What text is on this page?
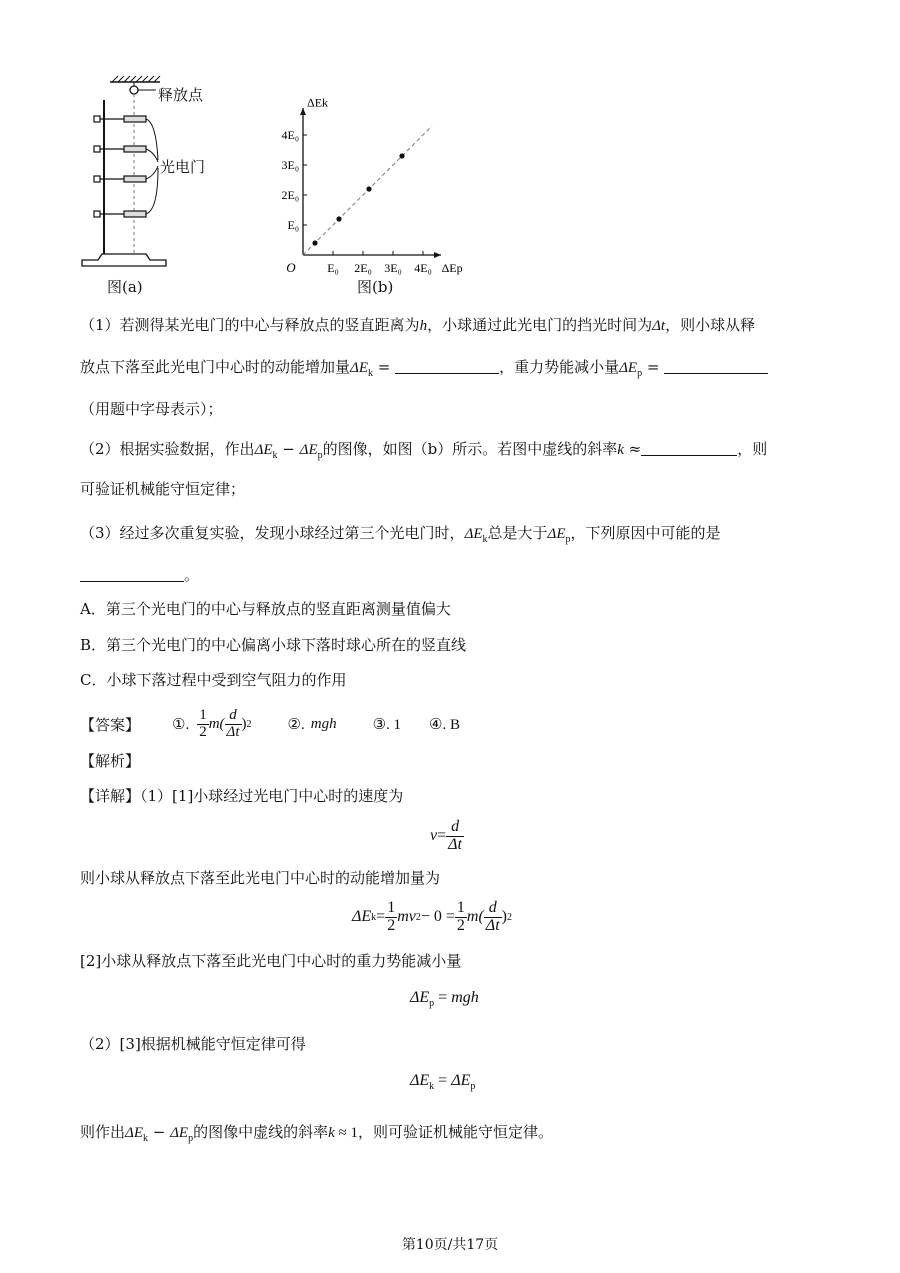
释放点
光电门
图(a)
E₀ 2E₀ 3E₀ 4E₀
E₀
2E₀
3E₀
4E₀
O	ΔEp
ΔEk
图(b)
（1）若测得某光电门的中心与释放点的竖直距离为h，小球通过此光电门的挡光时间为Δt，则小球从释
放点下落至此光电门中心时的动能增加量$\Delta E_k$ =	，重力势能减小量$\Delta E_p$ =
（用题中字母表示）；
（2）根据实验数据，作出$\Delta E_k - \Delta E_p$的图像，如图（b）所示。若图中虚线的斜率k ≈	，则
可验证机械能守恒定律；
（3）经过多次重复实验，发现小球经过第三个光电门时，$\Delta E_k$总是大于$\Delta E_p$，下列原因中可能的是
。
A．第三个光电门的中心与释放点的竖直距离测量值偏大
B．第三个光电门的中心偏离小球下落时球心所在的竖直线
C．小球下落过程中受到空气阻力的作用
【答案】 ①. $\frac{1}{2} m( \frac{d}{\Delta t}$ ) 2 ②. mgh ③. 1 ④. B
【解析】
【详解】（1）[1]小球经过光电门中心时的速度为
$v = \frac{d}{\Delta t}$
则小球从释放点下落至此光电门中心时的动能增加量为
ΔE $k = \frac{1}{2}$ mv $2 - 0 = \frac{1}{2} m( \frac{d}{\Delta t}$ ) 2
[2]小球从释放点下落至此光电门中心时的重力势能减小量
$\Delta E_p$ = mgh
（2）[3]根据机械能守恒定律可得
$\Delta E_k = \Delta E_p$
则作出$\Delta E_k - \Delta E_p$的图像中虚线的斜率k ≈ 1，则可验证机械能守恒定律。
第10页/共17页
